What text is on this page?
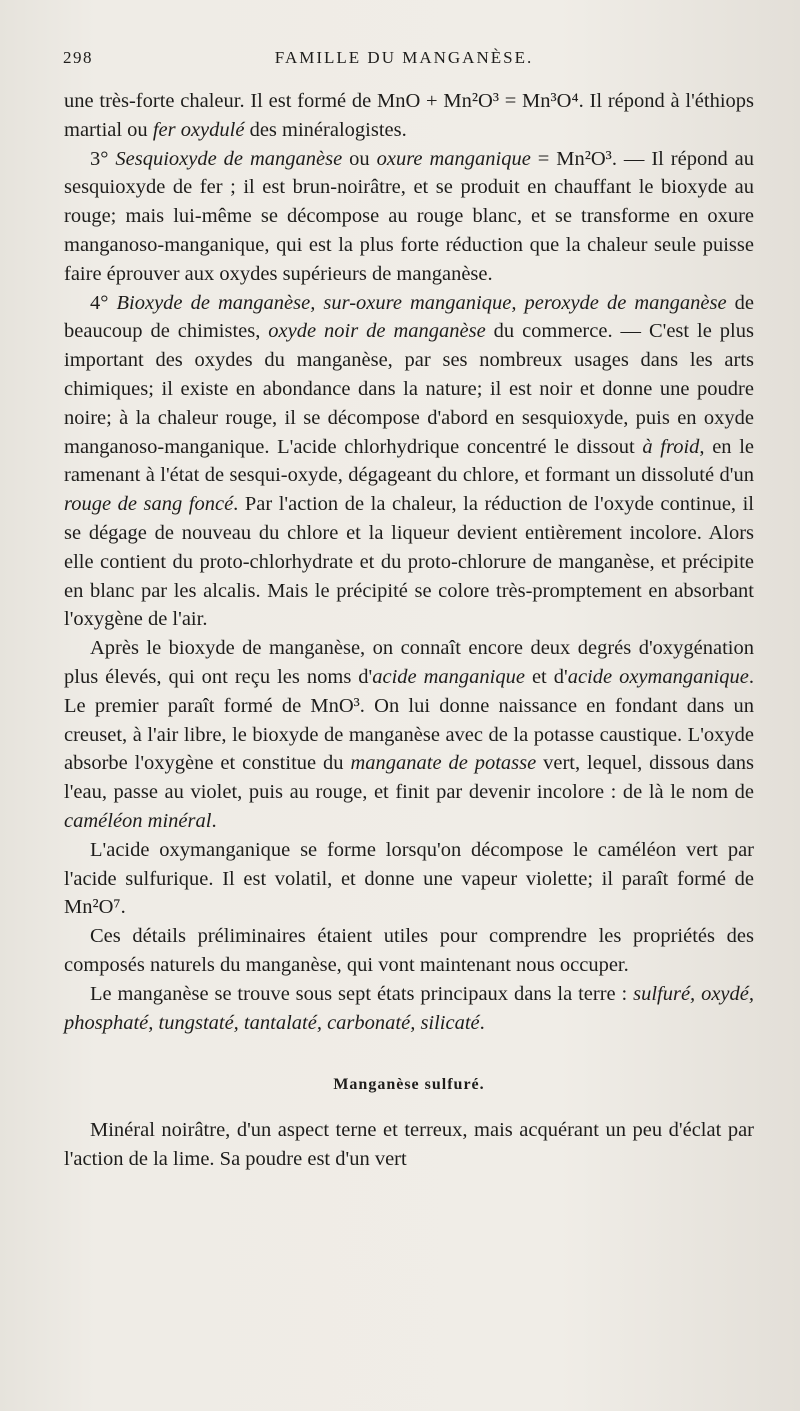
298	FAMILLE DU MANGANÈSE.

une très-forte chaleur. Il est formé de MnO + Mn²O³ = Mn³O⁴. Il répond à l'éthiops martial ou fer oxydulé des minéralogistes.

3° Sesquioxyde de manganèse ou oxure manganique = Mn²O³. — Il répond au sesquioxyde de fer ; il est brun-noirâtre, et se produit en chauffant le bioxyde au rouge; mais lui-même se décompose au rouge blanc, et se transforme en oxure manganoso-manganique, qui est la plus forte réduction que la chaleur seule puisse faire éprouver aux oxydes supérieurs de manganèse.

4° Bioxyde de manganèse, sur-oxure manganique, peroxyde de manganèse de beaucoup de chimistes, oxyde noir de manganèse du commerce. — C'est le plus important des oxydes du manganèse, par ses nombreux usages dans les arts chimiques; il existe en abondance dans la nature; il est noir et donne une poudre noire; à la chaleur rouge, il se décompose d'abord en sesquioxyde, puis en oxyde manganoso-manganique. L'acide chlorhydrique concentré le dissout à froid, en le ramenant à l'état de sesqui-oxyde, dégageant du chlore, et formant un dissoluté d'un rouge de sang foncé. Par l'action de la chaleur, la réduction de l'oxyde continue, il se dégage de nouveau du chlore et la liqueur devient entièrement incolore. Alors elle contient du proto-chlorhydrate et du proto-chlorure de manganèse, et précipite en blanc par les alcalis. Mais le précipité se colore très-promptement en absorbant l'oxygène de l'air.

Après le bioxyde de manganèse, on connaît encore deux degrés d'oxygénation plus élevés, qui ont reçu les noms d'acide manganique et d'acide oxymanganique. Le premier paraît formé de MnO³. On lui donne naissance en fondant dans un creuset, à l'air libre, le bioxyde de manganèse avec de la potasse caustique. L'oxyde absorbe l'oxygène et constitue du manganate de potasse vert, lequel, dissous dans l'eau, passe au violet, puis au rouge, et finit par devenir incolore : de là le nom de caméléon minéral.

L'acide oxymanganique se forme lorsqu'on décompose le caméléon vert par l'acide sulfurique. Il est volatil, et donne une vapeur violette; il paraît formé de Mn²O⁷.

Ces détails préliminaires étaient utiles pour comprendre les propriétés des composés naturels du manganèse, qui vont maintenant nous occuper.

Le manganèse se trouve sous sept états principaux dans la terre : sulfuré, oxydé, phosphaté, tungstaté, tantalaté, carbonaté, silicaté.

Manganèse sulfuré.

Minéral noirâtre, d'un aspect terne et terreux, mais acquérant un peu d'éclat par l'action de la lime. Sa poudre est d'un vert
